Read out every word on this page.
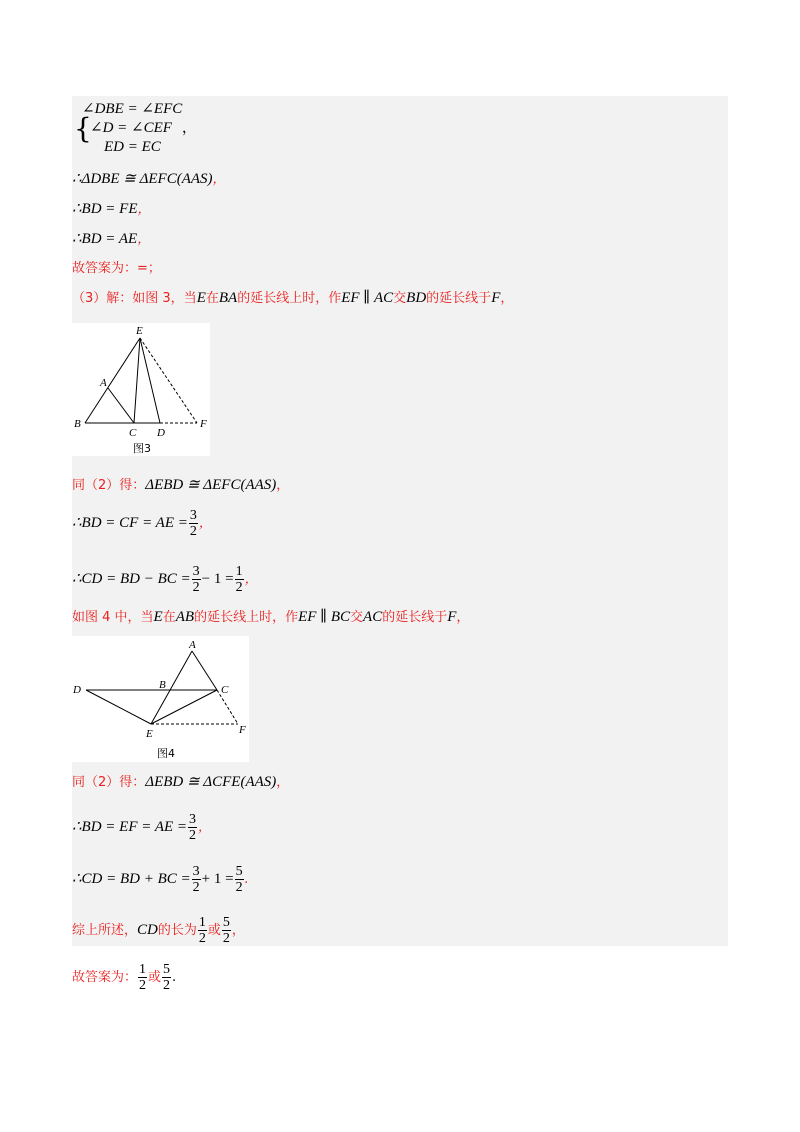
{
∠DBE = ∠EFC
∠D = ∠CEF ，
ED = EC
∴ΔDBE ≅ ΔEFC(AAS)，
∴BD = FE，
∴BD = AE，
故答案为：=；
（3）解：如图 3，当E在BA的延长线上时，作EF ∥ AC交BD的延长线于F，
E
A
B
C D
F
图3
同（2）得：ΔEBD ≅ ΔEFC(AAS)，
∴BD = CF = AE = $\frac{3}{2}$ ，
∴CD = BD − BC = $\frac{3}{2} - 1 = \frac{1}{2}$ ，
如图 4 中，当E在AB的延长线上时，作EF ∥ BC交AC的延长线于F，
A
D	B	C
E	F
图4
同（2）得：ΔEBD ≅ ΔCFE(AAS)，
∴BD = EF = AE = $\frac{3}{2}$ ，
∴CD = BD + BC = $\frac{3}{2} + 1 = \frac{5}{2}$ .
综上所述，CD的长为 $\frac{1}{2}$ 或 $\frac{5}{2}$ ，
故答案为： $\frac{1}{2}$ 或 $\frac{5}{2}$ .
